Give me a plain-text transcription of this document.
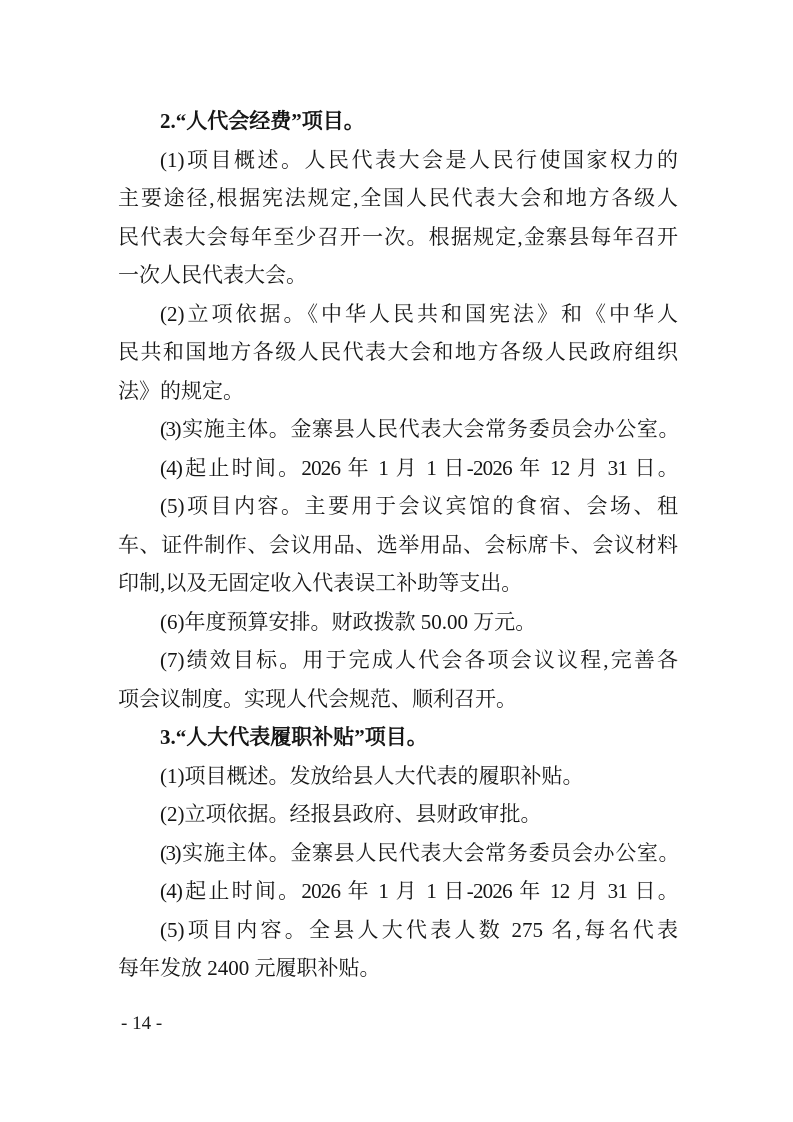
2.“人代会经费”项目。
(1)项目概述。人民代表大会是人民行使国家权力的
主要途径,根据宪法规定,全国人民代表大会和地方各级人
民代表大会每年至少召开一次。根据规定,金寨县每年召开
一次人民代表大会。
(2)立项依据。《中华人民共和国宪法》和《中华人
民共和国地方各级人民代表大会和地方各级人民政府组织
法》的规定。
(3)实施主体。金寨县人民代表大会常务委员会办公室。
(4)起止时间。2026 年 1 月 1 日-2026 年 12 月 31 日。
(5)项目内容。主要用于会议宾馆的食宿、会场、租
车、证件制作、会议用品、选举用品、会标席卡、会议材料
印制,以及无固定收入代表误工补助等支出。
(6)年度预算安排。财政拨款 50.00 万元。
(7)绩效目标。用于完成人代会各项会议议程,完善各
项会议制度。实现人代会规范、顺利召开。
3.“人大代表履职补贴”项目。
(1)项目概述。发放给县人大代表的履职补贴。
(2)立项依据。经报县政府、县财政审批。
(3)实施主体。金寨县人民代表大会常务委员会办公室。
(4)起止时间。2026 年 1 月 1 日-2026 年 12 月 31 日。
(5)项目内容。全县人大代表人数 275 名,每名代表
每年发放 2400 元履职补贴。
- 14 -
